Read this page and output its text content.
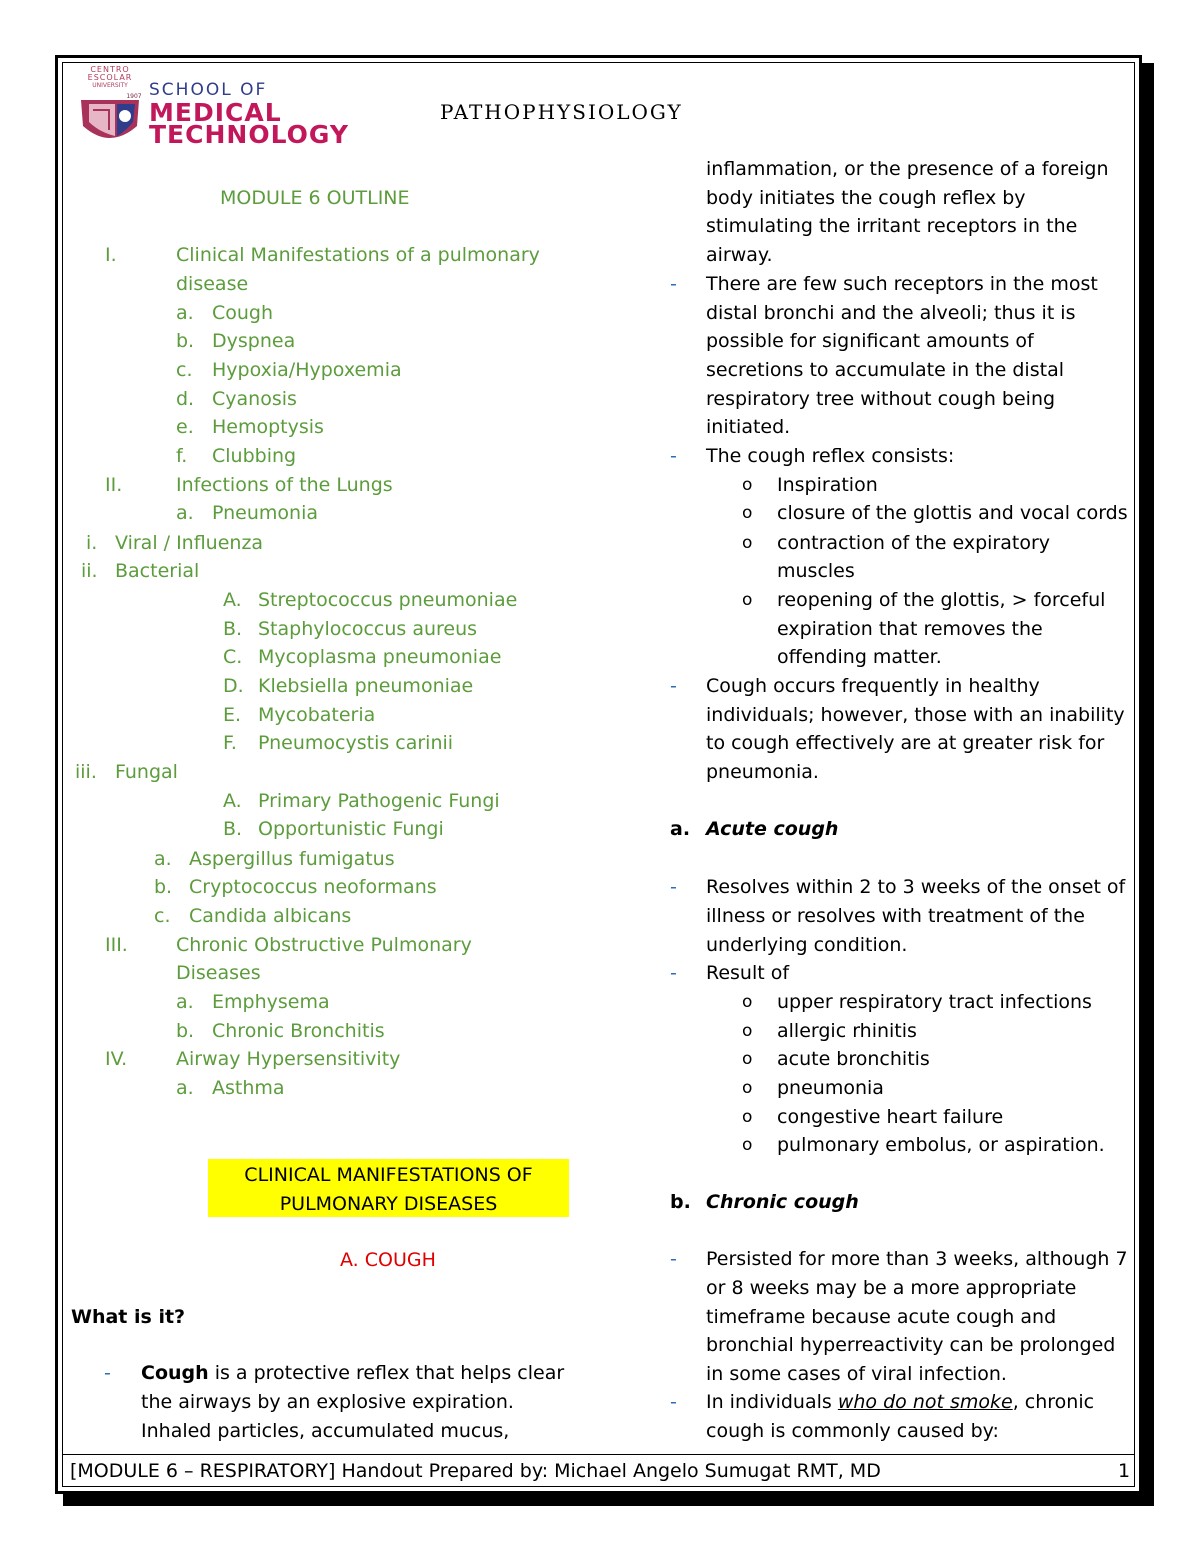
CENTRO
ESCOLAR
UNIVERSITY
1907 SCHOOL OF
MEDICAL
TECHNOLOGY
PATHOPHYSIOLOGY
MODULE 6 OUTLINE
I.	Clinical Manifestations of a pulmonary
disease
a. Cough
b. Dyspnea
c. Hypoxia/Hypoxemia
d. Cyanosis
e. Hemoptysis
f. Clubbing
II.	Infections of the Lungs
a. Pneumonia
i. Viral / Influenza
ii. Bacterial
A. Streptococcus pneumoniae
B. Staphylococcus aureus
C. Mycoplasma pneumoniae
D. Klebsiella pneumoniae
E. Mycobateria
F. Pneumocystis carinii
iii. Fungal
A. Primary Pathogenic Fungi
B. Opportunistic Fungi
a. Aspergillus fumigatus
b. Cryptococcus neoformans
c. Candida albicans
III.	Chronic Obstructive Pulmonary
Diseases
a. Emphysema
b. Chronic Bronchitis
IV.	Airway Hypersensitivity
a. Asthma
CLINICAL MANIFESTATIONS OF
PULMONARY DISEASES
A. COUGH
What is it?
- Cough is a protective reflex that helps clear
the airways by an explosive expiration.
Inhaled particles, accumulated mucus,
inflammation, or the presence of a foreign
body initiates the cough reflex by
stimulating the irritant receptors in the
airway.
- There are few such receptors in the most
distal bronchi and the alveoli; thus it is
possible for significant amounts of
secretions to accumulate in the distal
respiratory tree without cough being
initiated.
- The cough reflex consists:
o Inspiration
o closure of the glottis and vocal cords
o contraction of the expiratory
muscles
o reopening of the glottis, > forceful
expiration that removes the
offending matter.
- Cough occurs frequently in healthy
individuals; however, those with an inability
to cough effectively are at greater risk for
pneumonia.
a. Acute cough
- Resolves within 2 to 3 weeks of the onset of
illness or resolves with treatment of the
underlying condition.
- Result of
o upper respiratory tract infections
o allergic rhinitis
o acute bronchitis
o pneumonia
o congestive heart failure
o pulmonary embolus, or aspiration.
b. Chronic cough
- Persisted for more than 3 weeks, although 7
or 8 weeks may be a more appropriate
timeframe because acute cough and
bronchial hyperreactivity can be prolonged
in some cases of viral infection.
- In individuals who do not smoke, chronic
cough is commonly caused by:
[MODULE 6 – RESPIRATORY] Handout Prepared by: Michael Angelo Sumugat RMT, MD	1
